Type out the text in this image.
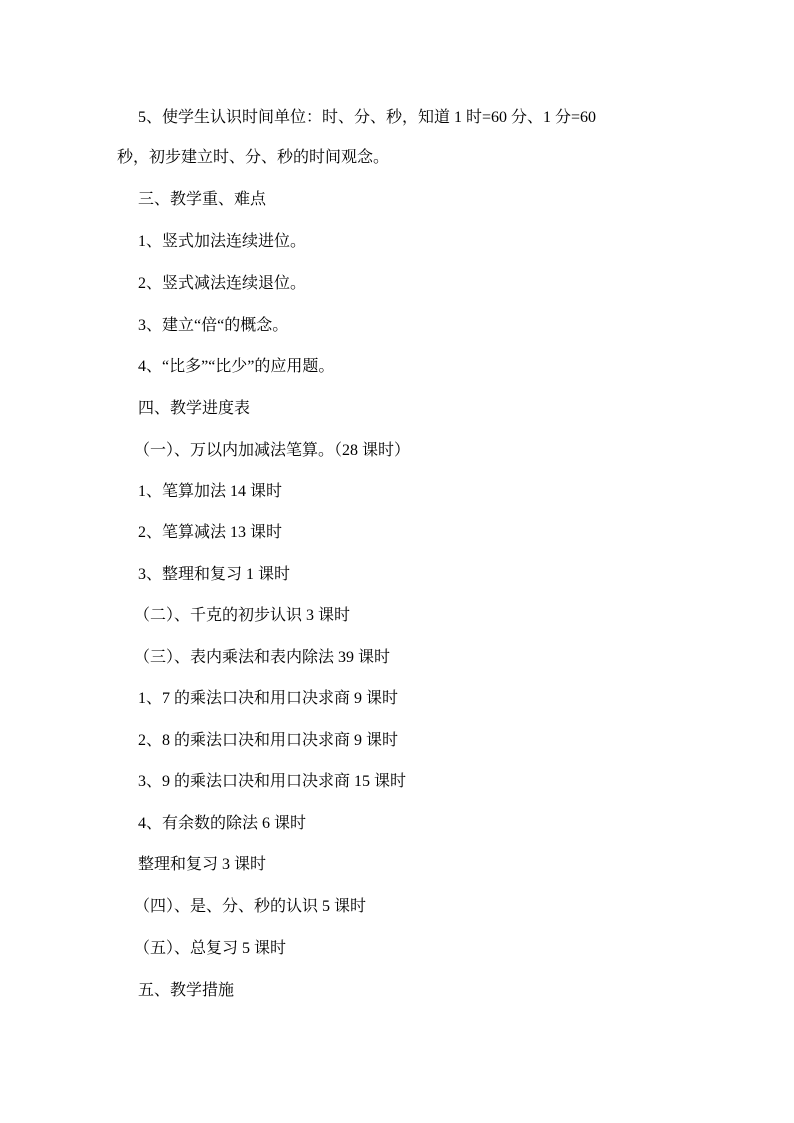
5、使学生认识时间单位：时、分、秒，知道 1 时=60 分、1 分=60
秒，初步建立时、分、秒的时间观念。
三、教学重、难点
1、竖式加法连续进位。
2、竖式减法连续退位。
3、建立“倍“的概念。
4、“比多”“比少”的应用题。
四、教学进度表
（一）、万以内加减法笔算。（28 课时）
1、笔算加法 14 课时
2、笔算减法 13 课时
3、整理和复习 1 课时
（二）、千克的初步认识 3 课时
（三）、表内乘法和表内除法 39 课时
1、7 的乘法口决和用口决求商 9 课时
2、8 的乘法口决和用口决求商 9 课时
3、9 的乘法口决和用口决求商 15 课时
4、有余数的除法 6 课时
整理和复习 3 课时
（四）、是、分、秒的认识 5 课时
（五）、总复习 5 课时
五、教学措施
